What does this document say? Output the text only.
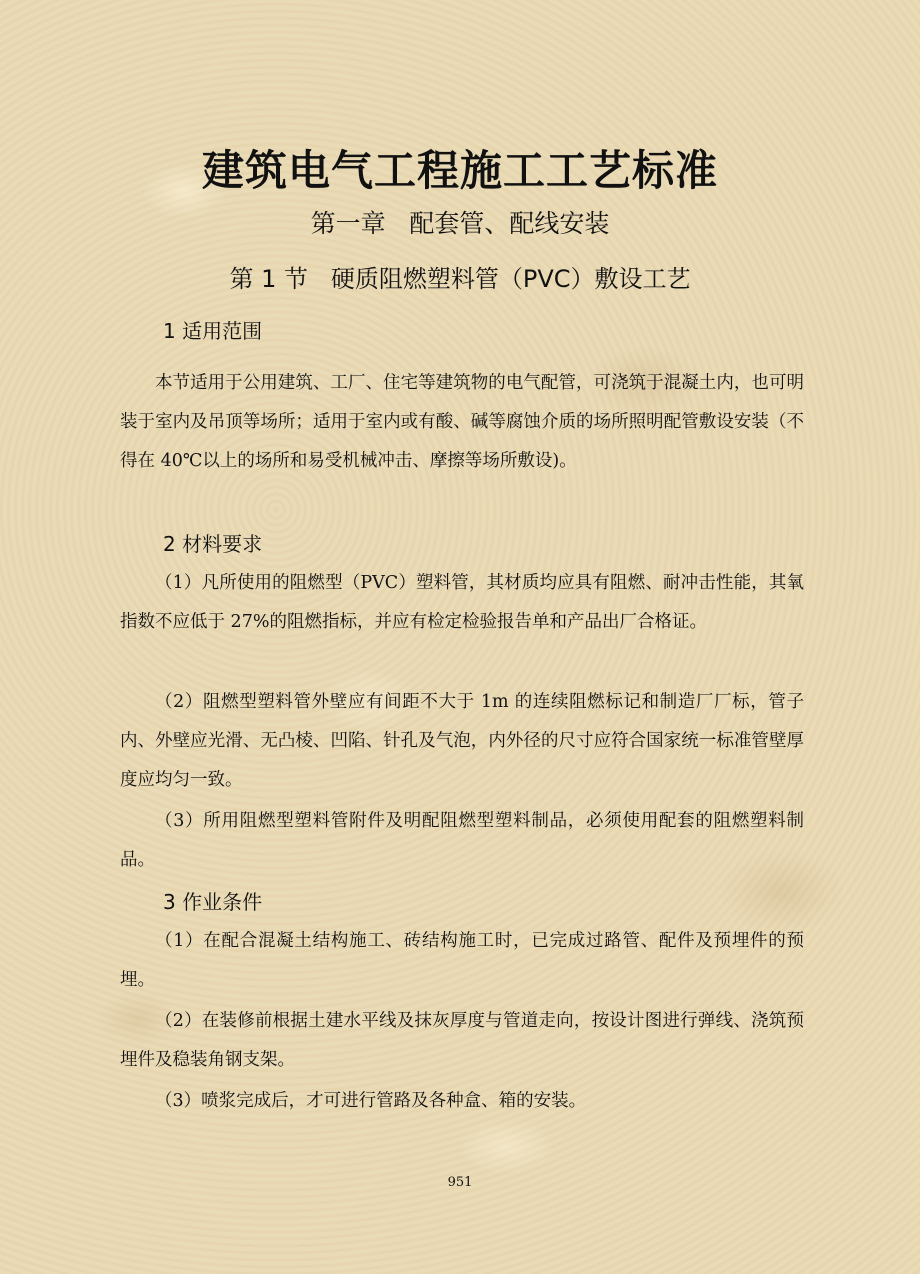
建筑电气工程施工工艺标准
第一章   配套管、配线安装
第 1 节   硬质阻燃塑料管（PVC）敷设工艺
1 适用范围
本节适用于公用建筑、工厂、住宅等建筑物的电气配管，可浇筑于混凝土内，也可明装于室内及吊顶等场所；适用于室内或有酸、碱等腐蚀介质的场所照明配管敷设安装（不得在 40℃以上的场所和易受机械冲击、摩擦等场所敷设)。
2 材料要求
（1）凡所使用的阻燃型（PVC）塑料管，其材质均应具有阻燃、耐冲击性能，其氧指数不应低于 27%的阻燃指标，并应有检定检验报告单和产品出厂合格证。
（2）阻燃型塑料管外壁应有间距不大于 1m 的连续阻燃标记和制造厂厂标，管子内、外壁应光滑、无凸棱、凹陷、针孔及气泡，内外径的尺寸应符合国家统一标准管壁厚度应均匀一致。
（3）所用阻燃型塑料管附件及明配阻燃型塑料制品，必须使用配套的阻燃塑料制品。
3 作业条件
（1）在配合混凝土结构施工、砖结构施工时，已完成过路管、配件及预埋件的预埋。
（2）在装修前根据土建水平线及抹灰厚度与管道走向，按设计图进行弹线、浇筑预埋件及稳装角钢支架。
（3）喷浆完成后，才可进行管路及各种盒、箱的安装。
951
